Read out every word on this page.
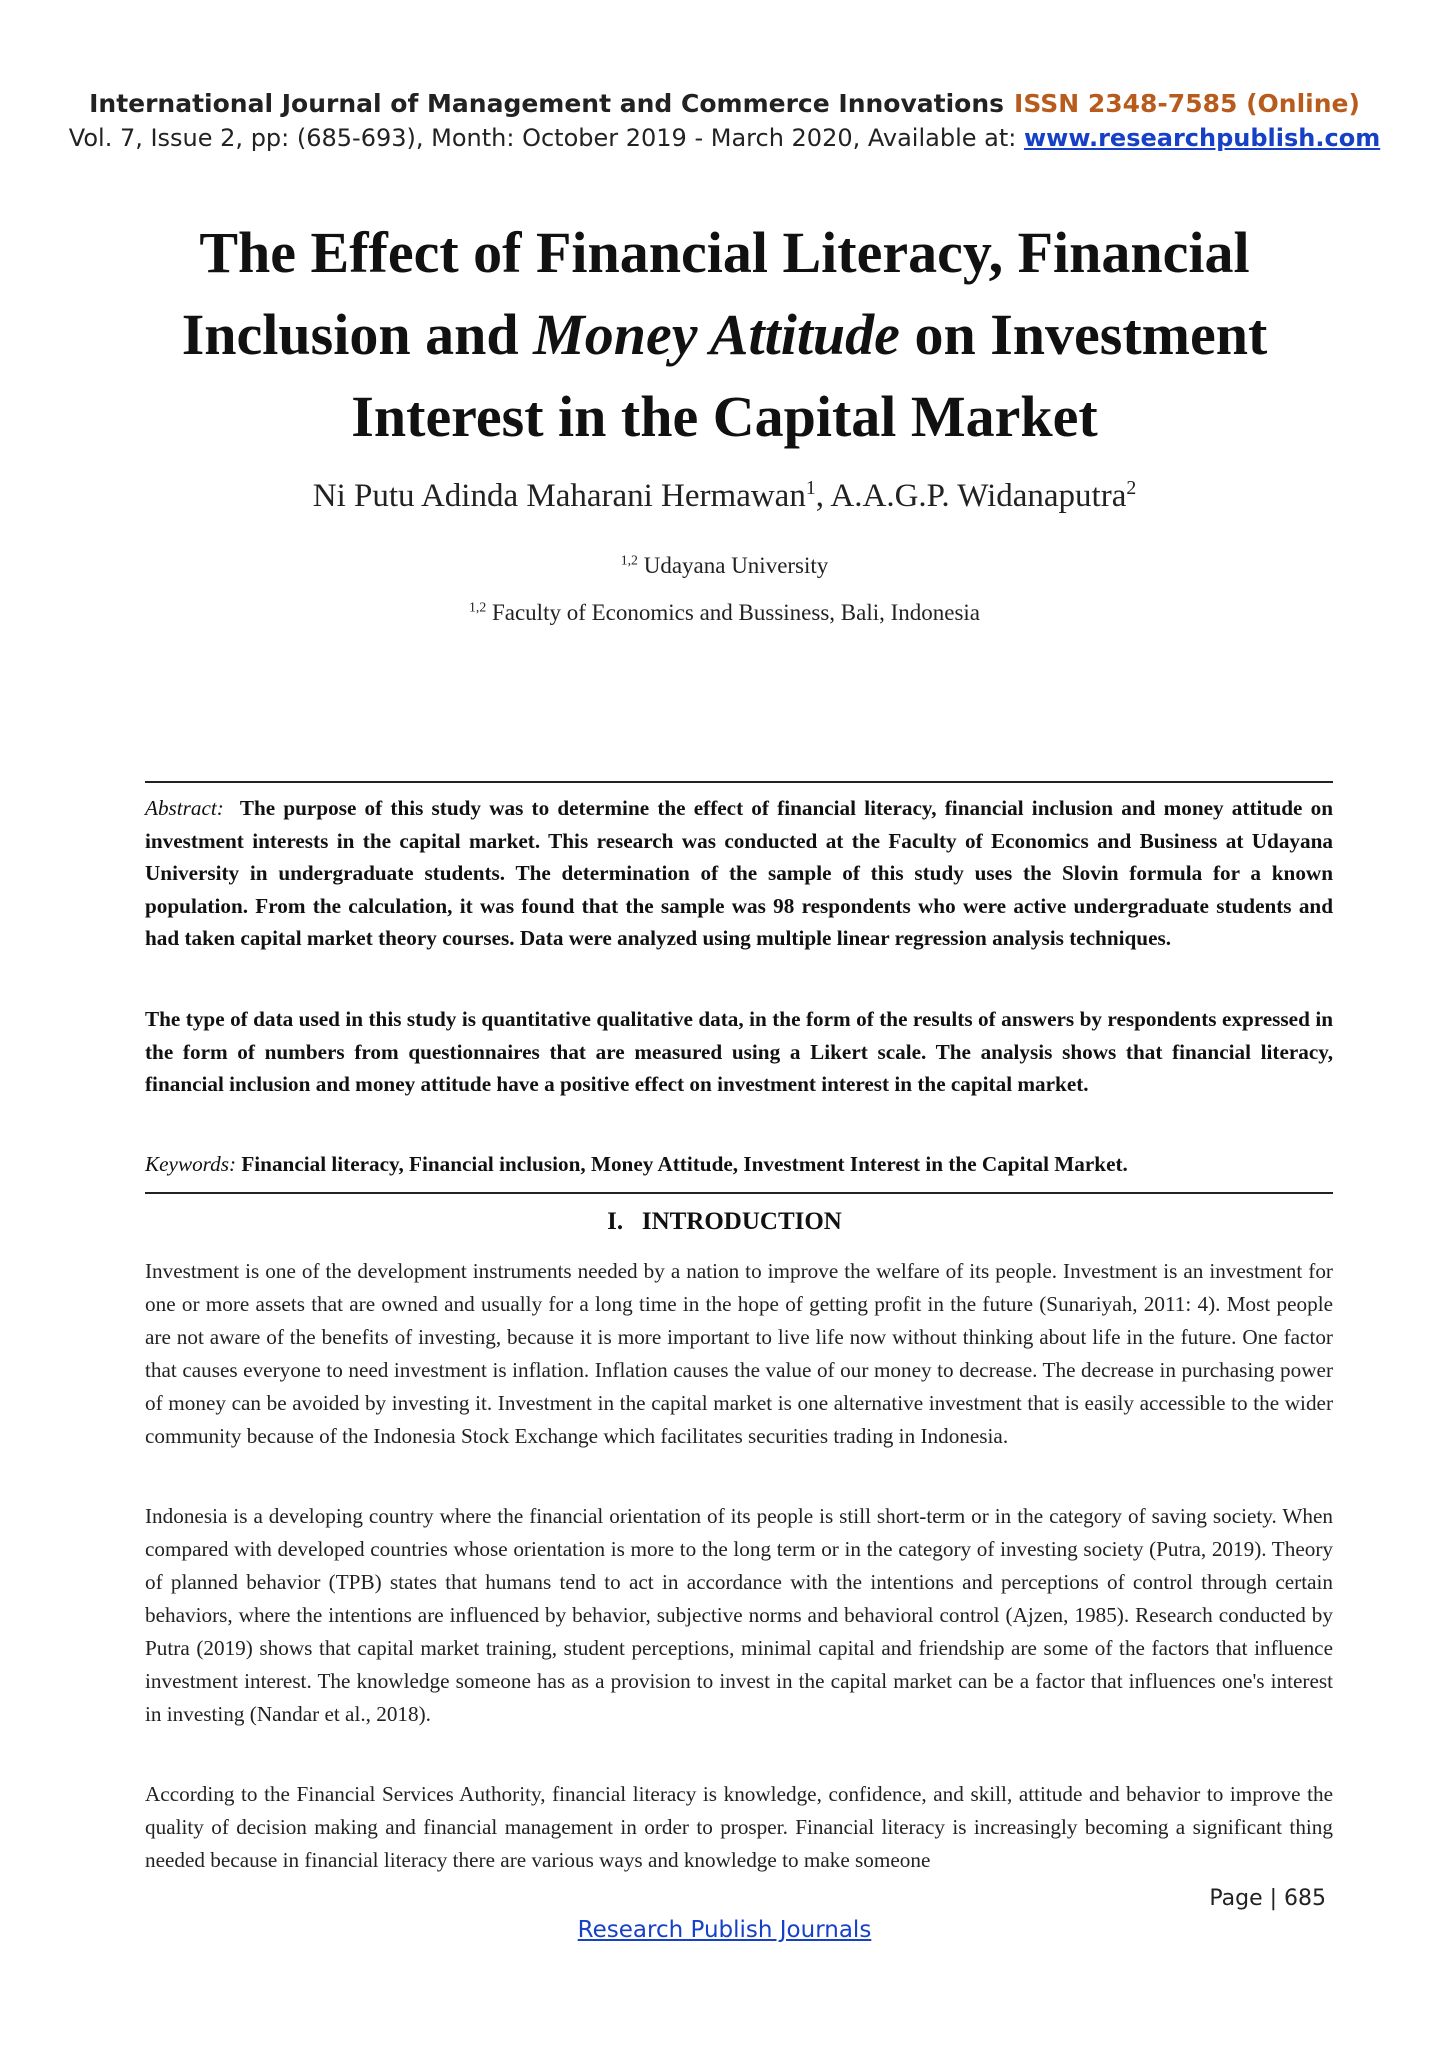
International Journal of Management and Commerce Innovations ISSN 2348-7585 (Online)
Vol. 7, Issue 2, pp: (685-693), Month: October 2019 - March 2020, Available at: www.researchpublish.com
The Effect of Financial Literacy, Financial Inclusion and Money Attitude on Investment Interest in the Capital Market
Ni Putu Adinda Maharani Hermawan$^1$, A.A.G.P. Widanaputra$^2$
$^{1,2}$ Udayana University
$^{1,2}$ Faculty of Economics and Bussiness, Bali, Indonesia
Abstract: The purpose of this study was to determine the effect of financial literacy, financial inclusion and money attitude on investment interests in the capital market. This research was conducted at the Faculty of Economics and Business at Udayana University in undergraduate students. The determination of the sample of this study uses the Slovin formula for a known population. From the calculation, it was found that the sample was 98 respondents who were active undergraduate students and had taken capital market theory courses. Data were analyzed using multiple linear regression analysis techniques.
The type of data used in this study is quantitative qualitative data, in the form of the results of answers by respondents expressed in the form of numbers from questionnaires that are measured using a Likert scale. The analysis shows that financial literacy, financial inclusion and money attitude have a positive effect on investment interest in the capital market.
Keywords: Financial literacy, Financial inclusion, Money Attitude, Investment Interest in the Capital Market.
I.   INTRODUCTION
Investment is one of the development instruments needed by a nation to improve the welfare of its people. Investment is an investment for one or more assets that are owned and usually for a long time in the hope of getting profit in the future (Sunariyah, 2011: 4). Most people are not aware of the benefits of investing, because it is more important to live life now without thinking about life in the future. One factor that causes everyone to need investment is inflation. Inflation causes the value of our money to decrease. The decrease in purchasing power of money can be avoided by investing it. Investment in the capital market is one alternative investment that is easily accessible to the wider community because of the Indonesia Stock Exchange which facilitates securities trading in Indonesia.
Indonesia is a developing country where the financial orientation of its people is still short-term or in the category of saving society. When compared with developed countries whose orientation is more to the long term or in the category of investing society (Putra, 2019). Theory of planned behavior (TPB) states that humans tend to act in accordance with the intentions and perceptions of control through certain behaviors, where the intentions are influenced by behavior, subjective norms and behavioral control (Ajzen, 1985). Research conducted by Putra (2019) shows that capital market training, student perceptions, minimal capital and friendship are some of the factors that influence investment interest. The knowledge someone has as a provision to invest in the capital market can be a factor that influences one's interest in investing (Nandar et al., 2018).
According to the Financial Services Authority, financial literacy is knowledge, confidence, and skill, attitude and behavior to improve the quality of decision making and financial management in order to prosper. Financial literacy is increasingly becoming a significant thing needed because in financial literacy there are various ways and knowledge to make someone
Page | 685
Research Publish Journals
